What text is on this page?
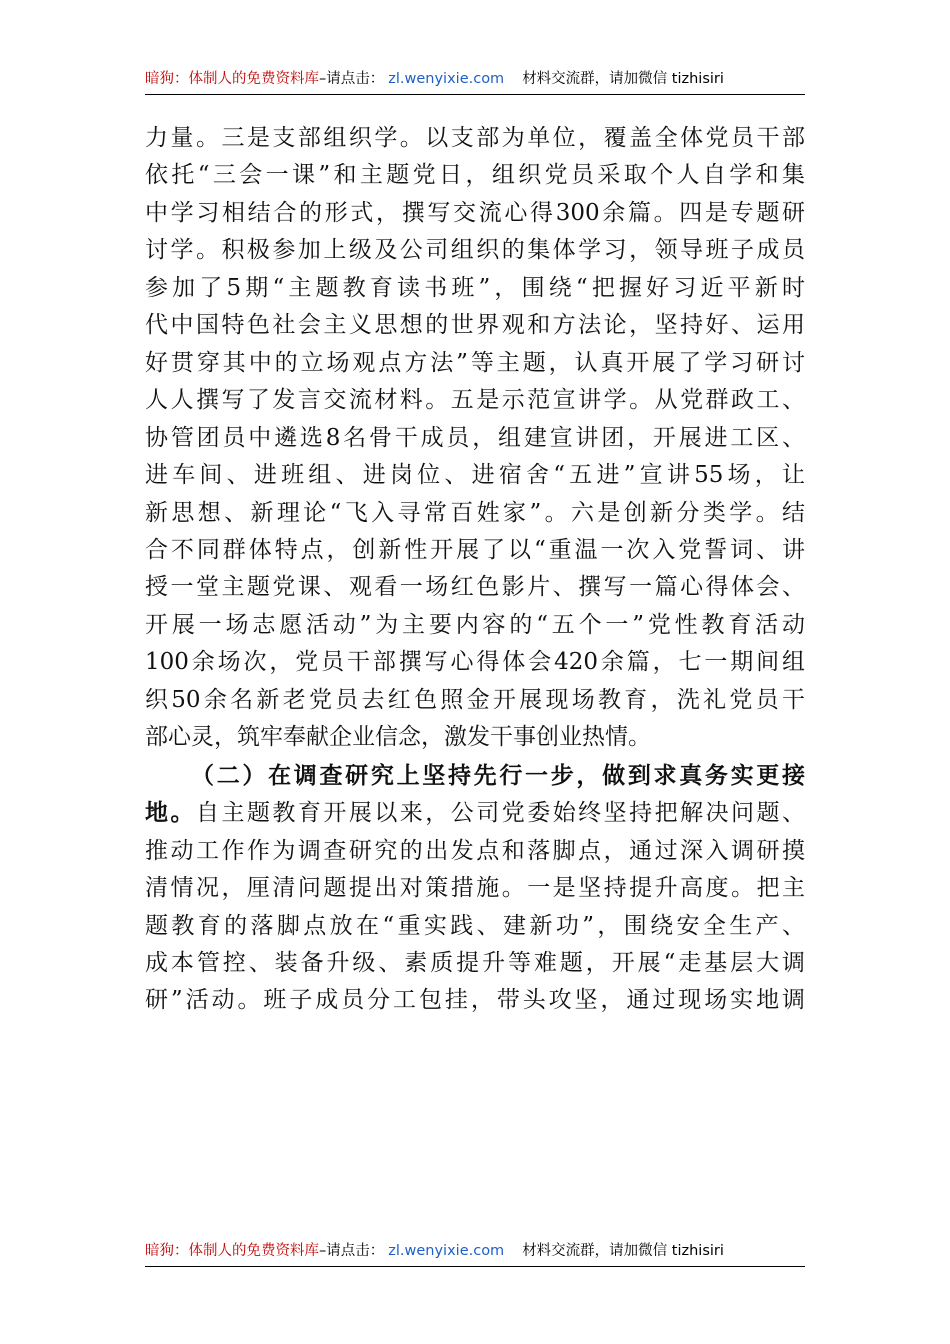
暗狗：体制人的免费资料库–请点击： zl.wenyixie.com 材料交流群，请加微信 tizhisiri

力量。三是支部组织学。以支部为单位，覆盖全体党员干部

依托“三会一课”和主题党日，组织党员采取个人自学和集

中学习相结合的形式，撰写交流心得300余篇。四是专题研

讨学。积极参加上级及公司组织的集体学习，领导班子成员

参加了5期“主题教育读书班”，围绕“把握好习近平新时

代中国特色社会主义思想的世界观和方法论，坚持好、运用

好贯穿其中的立场观点方法”等主题，认真开展了学习研讨

人人撰写了发言交流材料。五是示范宣讲学。从党群政工、

协管团员中遴选8名骨干成员，组建宣讲团，开展进工区、

进车间、进班组、进岗位、进宿舍“五进”宣讲55场，让

新思想、新理论“飞入寻常百姓家”。六是创新分类学。结

合不同群体特点，创新性开展了以“重温一次入党誓词、讲

授一堂主题党课、观看一场红色影片、撰写一篇心得体会、

开展一场志愿活动”为主要内容的“五个一”党性教育活动

100余场次，党员干部撰写心得体会420余篇，七一期间组

织50余名新老党员去红色照金开展现场教育，洗礼党员干

部心灵，筑牢奉献企业信念，激发干事创业热情。

（二）在调查研究上坚持先行一步，做到求真务实更接

地。自主题教育开展以来，公司党委始终坚持把解决问题、

推动工作作为调查研究的出发点和落脚点，通过深入调研摸

清情况，厘清问题提出对策措施。一是坚持提升高度。把主

题教育的落脚点放在“重实践、建新功”，围绕安全生产、

成本管控、装备升级、素质提升等难题，开展“走基层大调

研”活动。班子成员分工包挂，带头攻坚，通过现场实地调

暗狗：体制人的免费资料库–请点击： zl.wenyixie.com 材料交流群，请加微信 tizhisiri
